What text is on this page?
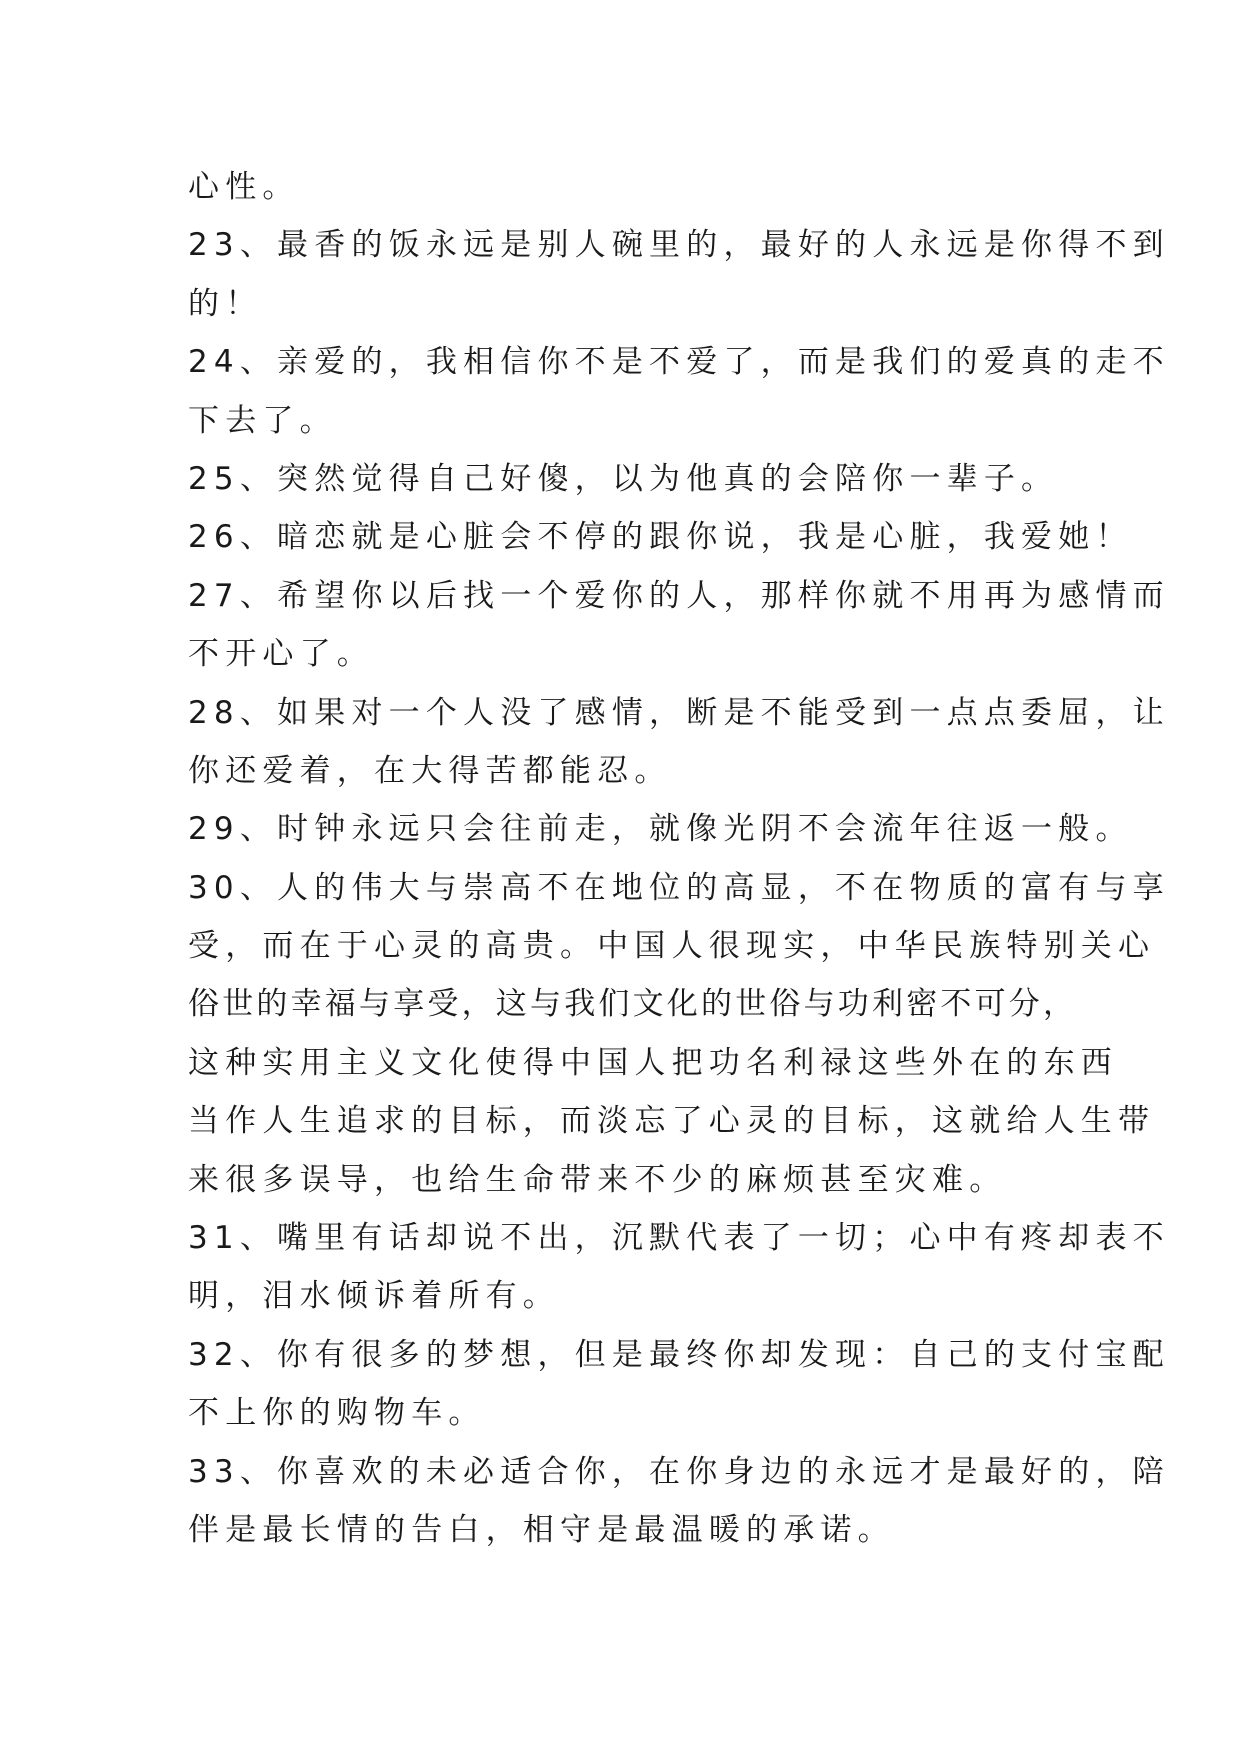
心性。
23、最香的饭永远是别人碗里的，最好的人永远是你得不到
的！
24、亲爱的，我相信你不是不爱了，而是我们的爱真的走不
下去了。
25、突然觉得自己好傻，以为他真的会陪你一辈子。
26、暗恋就是心脏会不停的跟你说，我是心脏，我爱她！
27、希望你以后找一个爱你的人，那样你就不用再为感情而
不开心了。
28、如果对一个人没了感情，断是不能受到一点点委屈，让
你还爱着，在大得苦都能忍。
29、时钟永远只会往前走，就像光阴不会流年往返一般。
30、人的伟大与崇高不在地位的高显，不在物质的富有与享
受，而在于心灵的高贵。中国人很现实，中华民族特别关心
俗世的幸福与享受，这与我们文化的世俗与功利密不可分，
这种实用主义文化使得中国人把功名利禄这些外在的东西
当作人生追求的目标，而淡忘了心灵的目标，这就给人生带
来很多误导，也给生命带来不少的麻烦甚至灾难。
31、嘴里有话却说不出，沉默代表了一切；心中有疼却表不
明，泪水倾诉着所有。
32、你有很多的梦想，但是最终你却发现：自己的支付宝配
不上你的购物车。
33、你喜欢的未必适合你，在你身边的永远才是最好的，陪
伴是最长情的告白，相守是最温暖的承诺。
